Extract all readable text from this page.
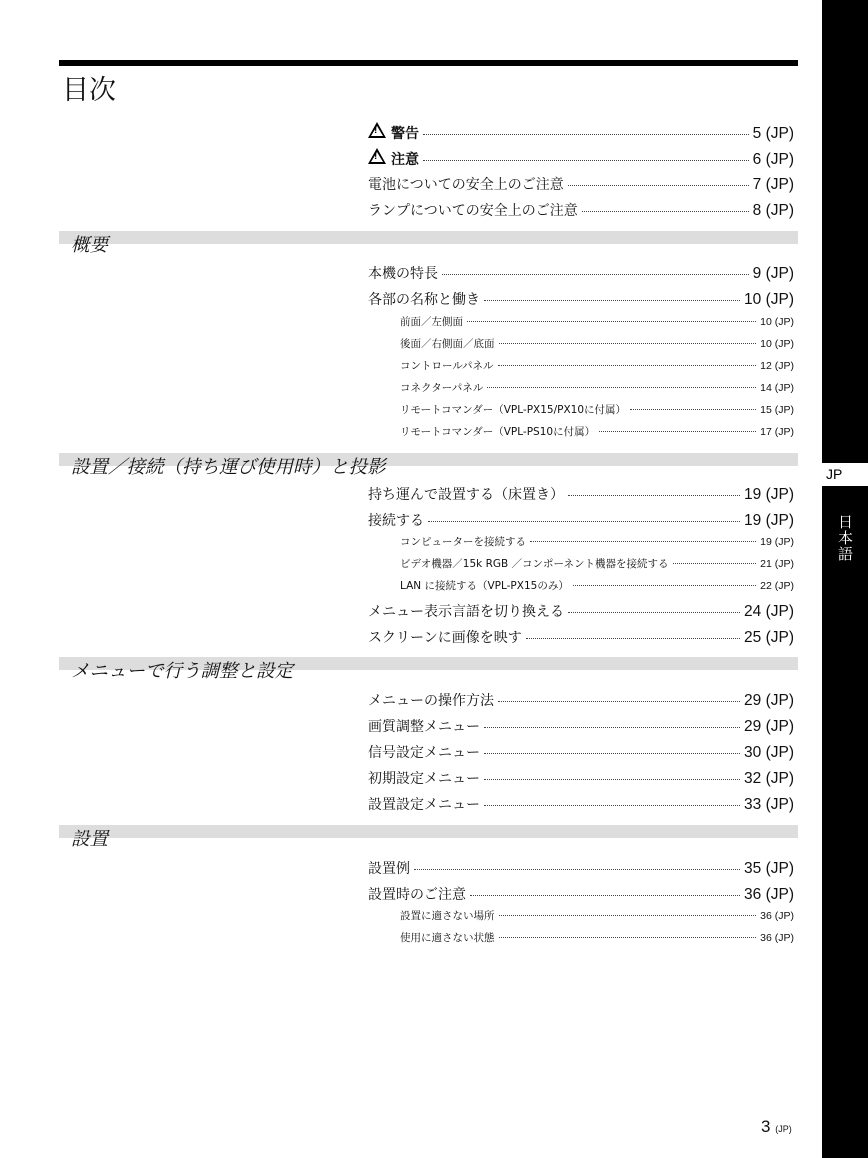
JP
日本語
目次
!
警告	5 (JP)
!
注意	6 (JP)
電池についての安全上のご注意	7 (JP)
ランプについての安全上のご注意	8 (JP)
概要
本機の特長	9 (JP)
各部の名称と働き	10 (JP)
前面／左側面	10 (JP)
後面／右側面／底面	10 (JP)
コントロールパネル	12 (JP)
コネクターパネル	14 (JP)
リモートコマンダー（VPL-PX15/PX10に付属）	15 (JP)
リモートコマンダー（VPL-PS10に付属）	17 (JP)
設置／接続（持ち運び使用時）と投影
持ち運んで設置する（床置き）	19 (JP)
接続する	19 (JP)
コンピューターを接続する	19 (JP)
ビデオ機器／15k RGB ／コンポーネント機器を接続する	21 (JP)
LAN に接続する（VPL-PX15のみ）	22 (JP)
メニュー表示言語を切り換える	24 (JP)
スクリーンに画像を映す	25 (JP)
メニューで行う調整と設定
メニューの操作方法	29 (JP)
画質調整メニュー	29 (JP)
信号設定メニュー	30 (JP)
初期設定メニュー	32 (JP)
設置設定メニュー	33 (JP)
設置
設置例	35 (JP)
設置時のご注意	36 (JP)
設置に適さない場所	36 (JP)
使用に適さない状態	36 (JP)
3 (JP)
